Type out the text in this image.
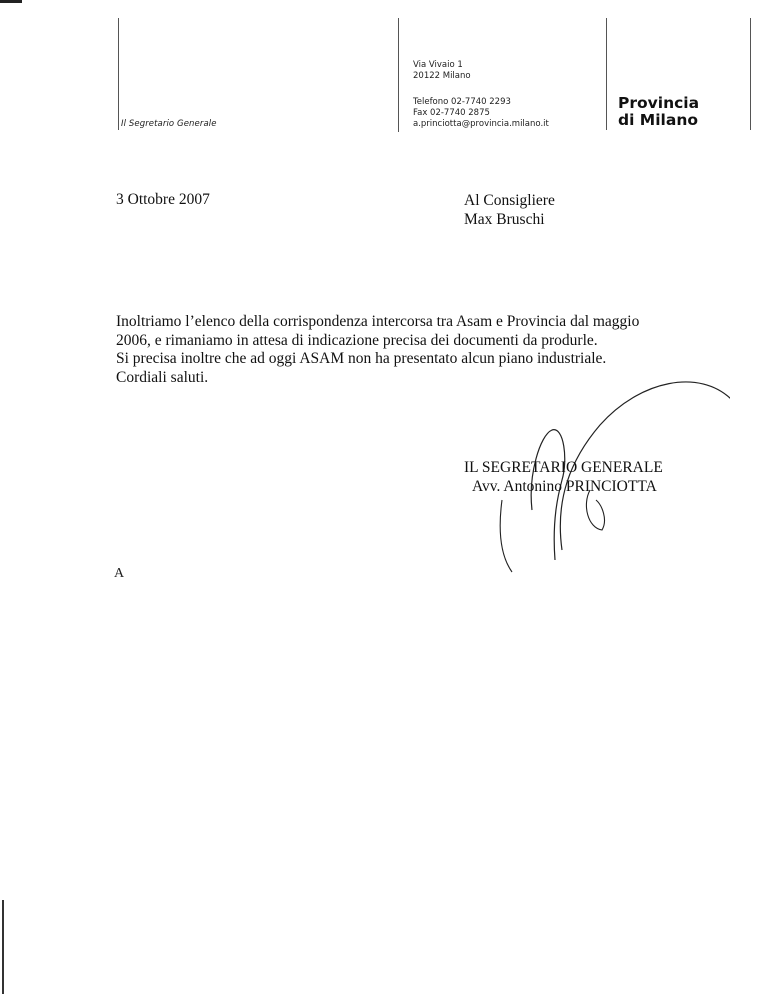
Il Segretario Generale
Via Vivaio 1
20122 Milano
Telefono 02-7740 2293
Fax 02-7740 2875
a.princiotta@provincia.milano.it
Provincia
di Milano
3 Ottobre 2007	Al Consigliere
Max Bruschi

Inoltriamo l’elenco della corrispondenza intercorsa tra Asam e Provincia dal maggio

2006, e rimaniamo in attesa di indicazione precisa dei documenti da produrle.

Si precisa inoltre che ad oggi ASAM non ha presentato alcun piano industriale.

Cordiali saluti.

IL SEGRETARIO GENERALE
Avv. Antonino PRINCIOTTA
A
